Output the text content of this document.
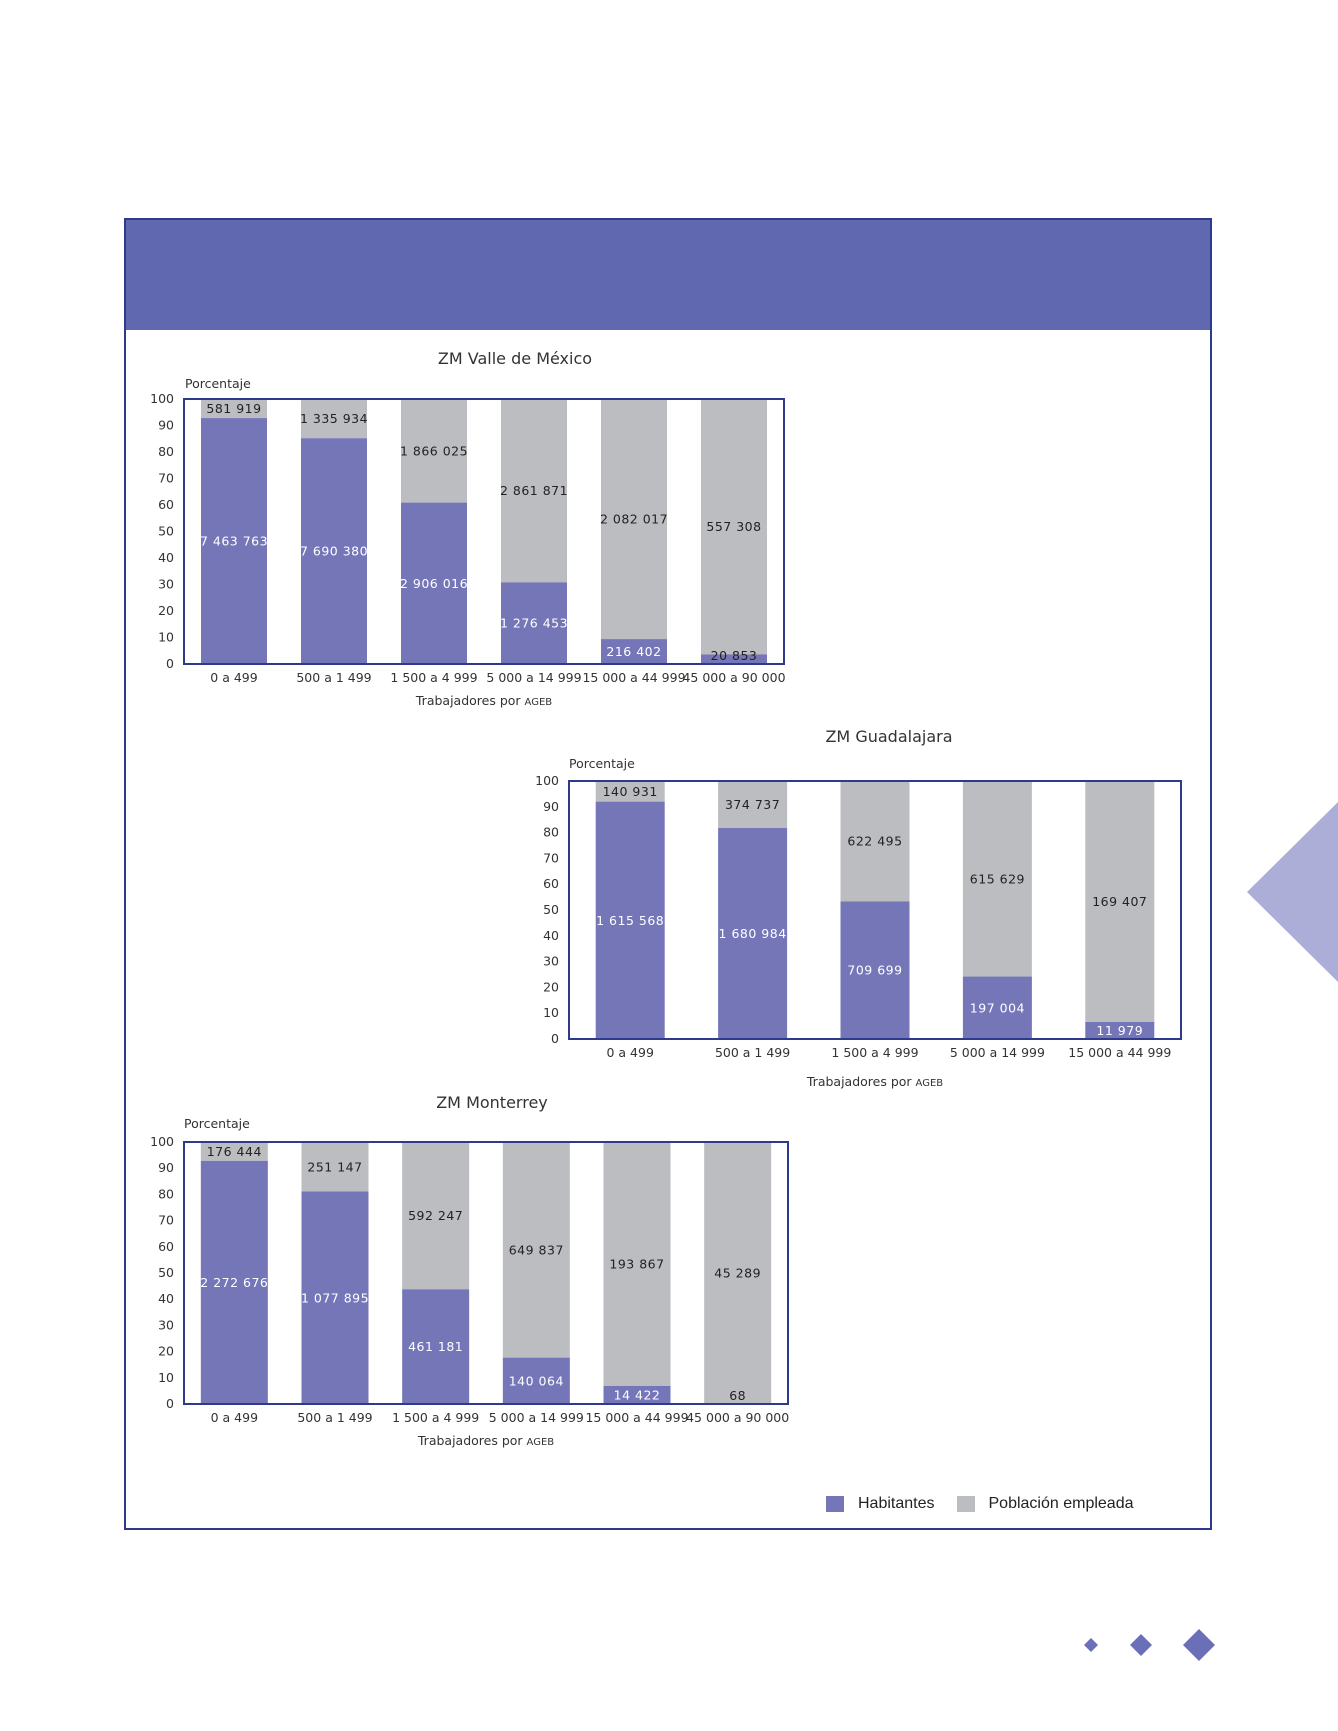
ZM Valle de México
Porcentaje
0
10
20
30
40
50
60
70
80
90
100
7 463 763
581 919
0 a 499
7 690 380
1 335 934
500 a 1 499
2 906 016
1 866 025
1 500 a 4 999
1 276 453
2 861 871
5 000 a 14 999
216 402
2 082 017
15 000 a 44 999
20 853
557 308
45 000 a 90 000
Trabajadores por AGEB
ZM Guadalajara
Porcentaje
0
10
20
30
40
50
60
70
80
90
100
1 615 568
140 931
0 a 499
1 680 984
374 737
500 a 1 499
709 699
622 495
1 500 a 4 999
197 004
615 629
5 000 a 14 999
11 979
169 407
15 000 a 44 999
Trabajadores por AGEB
ZM Monterrey
Porcentaje
0
10
20
30
40
50
60
70
80
90
100
2 272 676
176 444
0 a 499
1 077 895
251 147
500 a 1 499
461 181
592 247
1 500 a 4 999
140 064
649 837
5 000 a 14 999
14 422
193 867
15 000 a 44 999
68
45 289
45 000 a 90 000
Trabajadores por AGEB
Habitantes	Población empleada
